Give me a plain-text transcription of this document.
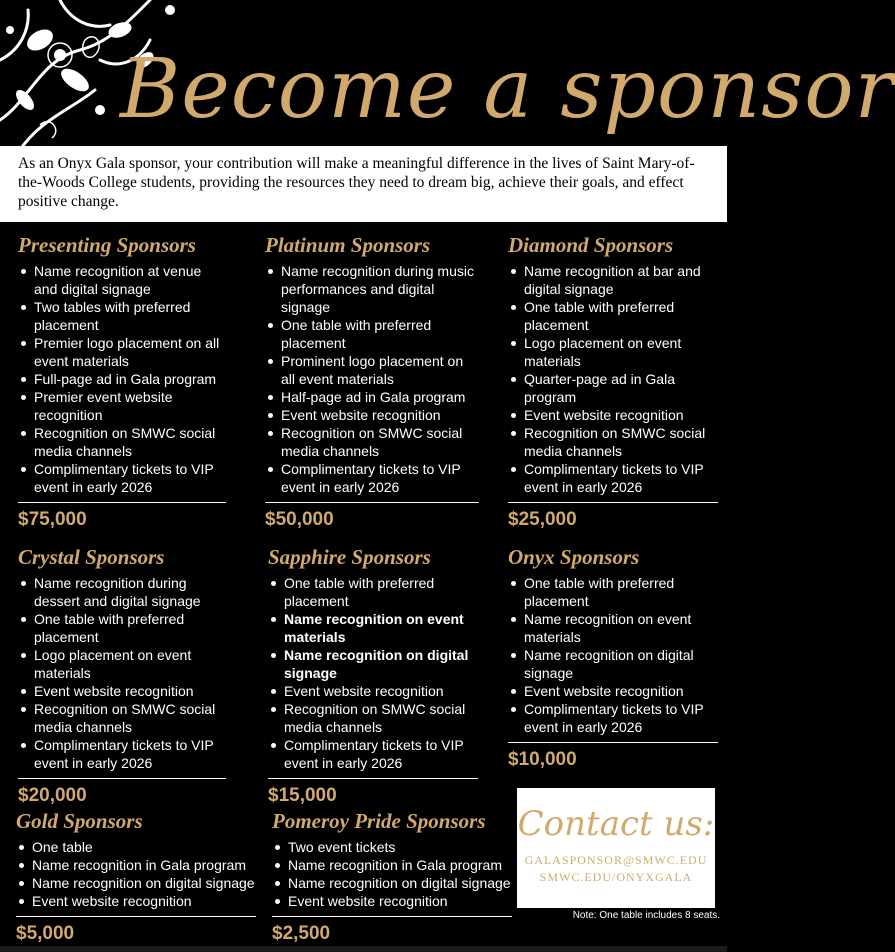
Become a sponsor
As an Onyx Gala sponsor, your contribution will make a meaningful difference in the lives of Saint Mary-of-the-Woods College students, providing the resources they need to dream big, achieve their goals, and effect positive change.
Presenting Sponsors
Name recognition at venue and digital signage
Two tables with preferred placement
Premier logo placement on all event materials
Full-page ad in Gala program
Premier event website recognition
Recognition on SMWC social media channels
Complimentary tickets to VIP event in early 2026
$75,000
Platinum Sponsors
Name recognition during music performances and digital signage
One table with preferred placement
Prominent logo placement on all event materials
Half-page ad in Gala program
Event website recognition
Recognition on SMWC social media channels
Complimentary tickets to VIP event in early 2026
$50,000
Diamond Sponsors
Name recognition at bar and digital signage
One table with preferred placement
Logo placement on event materials
Quarter-page ad in Gala program
Event website recognition
Recognition on SMWC social media channels
Complimentary tickets to VIP event in early 2026
$25,000
Crystal Sponsors
Name recognition during dessert and digital signage
One table with preferred placement
Logo placement on event materials
Event website recognition
Recognition on SMWC social media channels
Complimentary tickets to VIP event in early 2026
$20,000
Sapphire Sponsors
One table with preferred placement
Name recognition on event materials
Name recognition on digital signage
Event website recognition
Recognition on SMWC social media channels
Complimentary tickets to VIP event in early 2026
$15,000
Onyx Sponsors
One table with preferred placement
Name recognition on event materials
Name recognition on digital signage
Event website recognition
Complimentary tickets to VIP event in early 2026
$10,000
Gold Sponsors
One table
Name recognition in Gala program
Name recognition on digital signage
Event website recognition
$5,000
Pomeroy Pride Sponsors
Two event tickets
Name recognition in Gala program
Name recognition on digital signage
Event website recognition
$2,500
Contact us:
GALASPONSOR@SMWC.EDU
SMWC.EDU/ONYXGALA
Note: One table includes 8 seats.
